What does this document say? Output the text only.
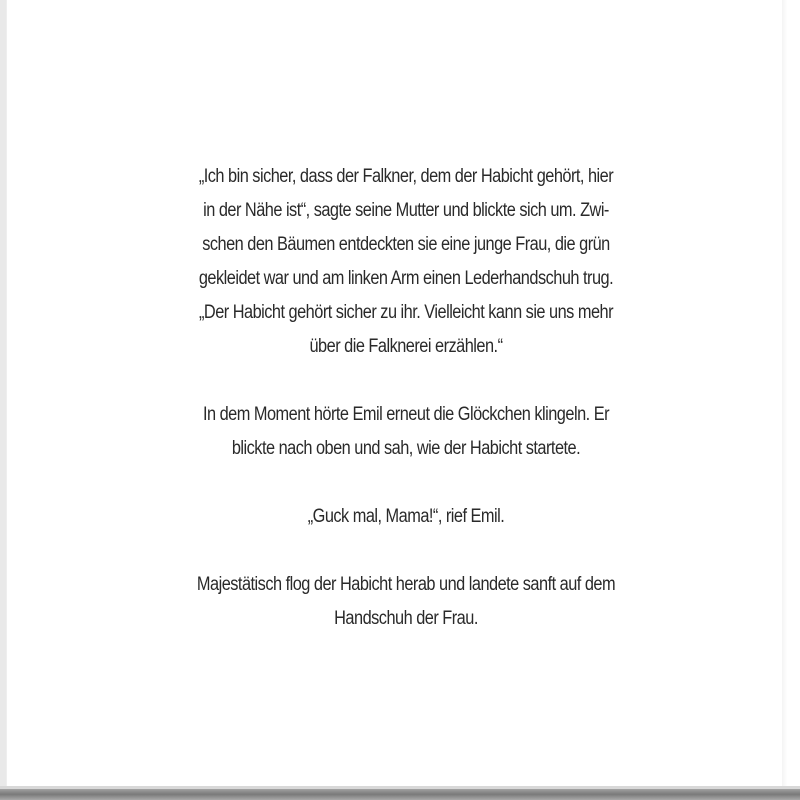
„Ich bin sicher, dass der Falkner, dem der Habicht gehört, hier
in der Nähe ist“, sagte seine Mutter und blickte sich um. Zwi-
schen den Bäumen entdeckten sie eine junge Frau, die grün
gekleidet war und am linken Arm einen Lederhandschuh trug.
„Der Habicht gehört sicher zu ihr. Vielleicht kann sie uns mehr
über die Falknerei erzählen.“

In dem Moment hörte Emil erneut die Glöckchen klingeln. Er
blickte nach oben und sah, wie der Habicht startete.

„Guck mal, Mama!“, rief Emil.

Majestätisch flog der Habicht herab und landete sanft auf dem
Handschuh der Frau.
